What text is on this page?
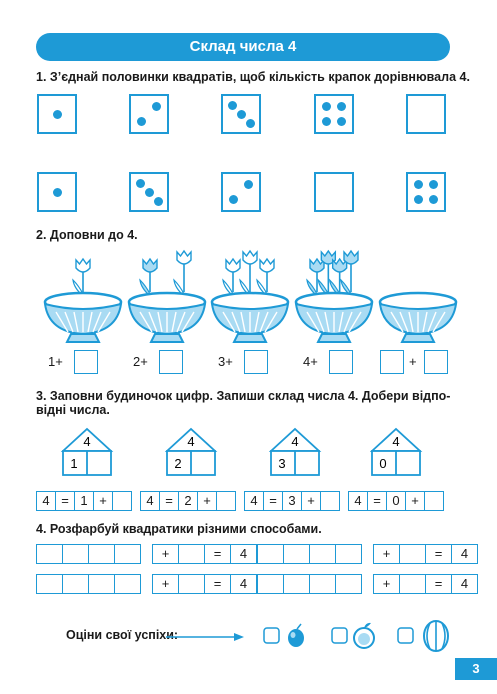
Склад числа 4
1. З’єднай половинки квадратів, щоб кількість крапок дорівнювала 4.
2. Доповни до 4.
1+	2+	3+	4+	+
3. Заповни будиночок цифр. Запиши склад числа 4. Добери відпо-
відні числа.
4
1
4
2
4
3
4
0
4 = 1 +	4 = 2 +	4 = 3 +	4 = 0 +
4. Розфарбуй квадратики різними способами.
+	=	4	+	=	4
+	=	4	+	=	4
Оціни свої успіхи:
3
